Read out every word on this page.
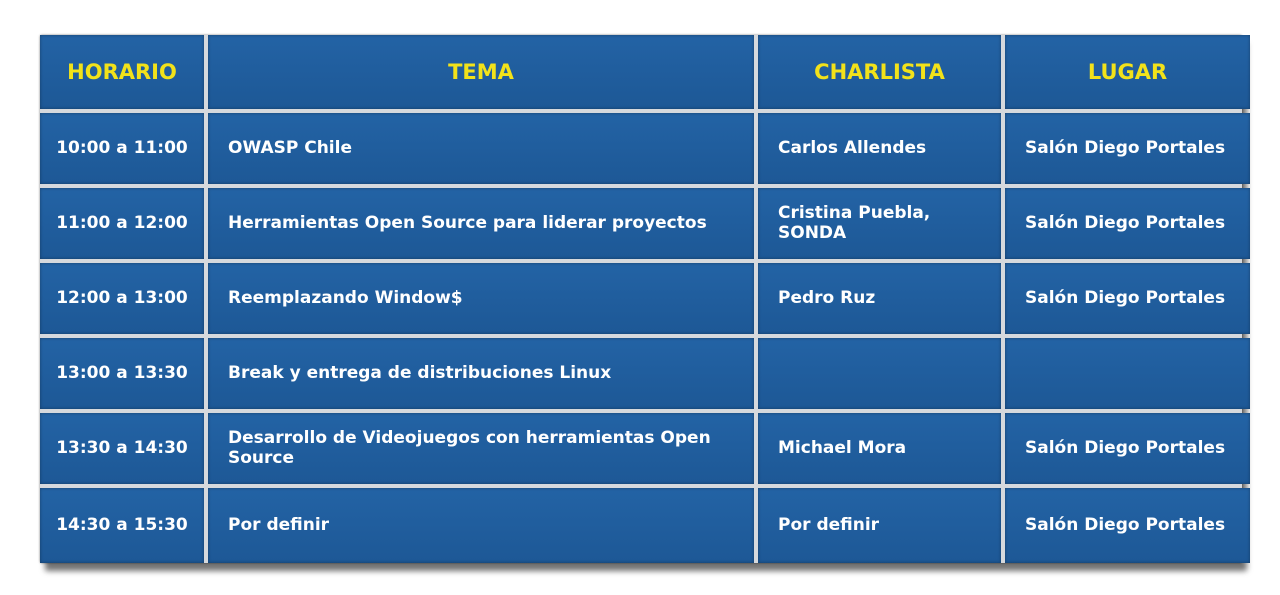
HORARIO	TEMA	CHARLISTA	LUGAR
10:00 a 11:00	OWASP Chile	Carlos Allendes	Salón Diego Portales
11:00 a 12:00	Herramientas Open Source para liderar proyectos	Cristina Puebla, SONDA	Salón Diego Portales
12:00 a 13:00	Reemplazando Window$	Pedro Ruz	Salón Diego Portales
13:00 a 13:30	Break y entrega de distribuciones Linux		
13:30 a 14:30	Desarrollo de Videojuegos con herramientas Open Source	Michael Mora	Salón Diego Portales
14:30 a 15:30	Por definir	Por definir	Salón Diego Portales
